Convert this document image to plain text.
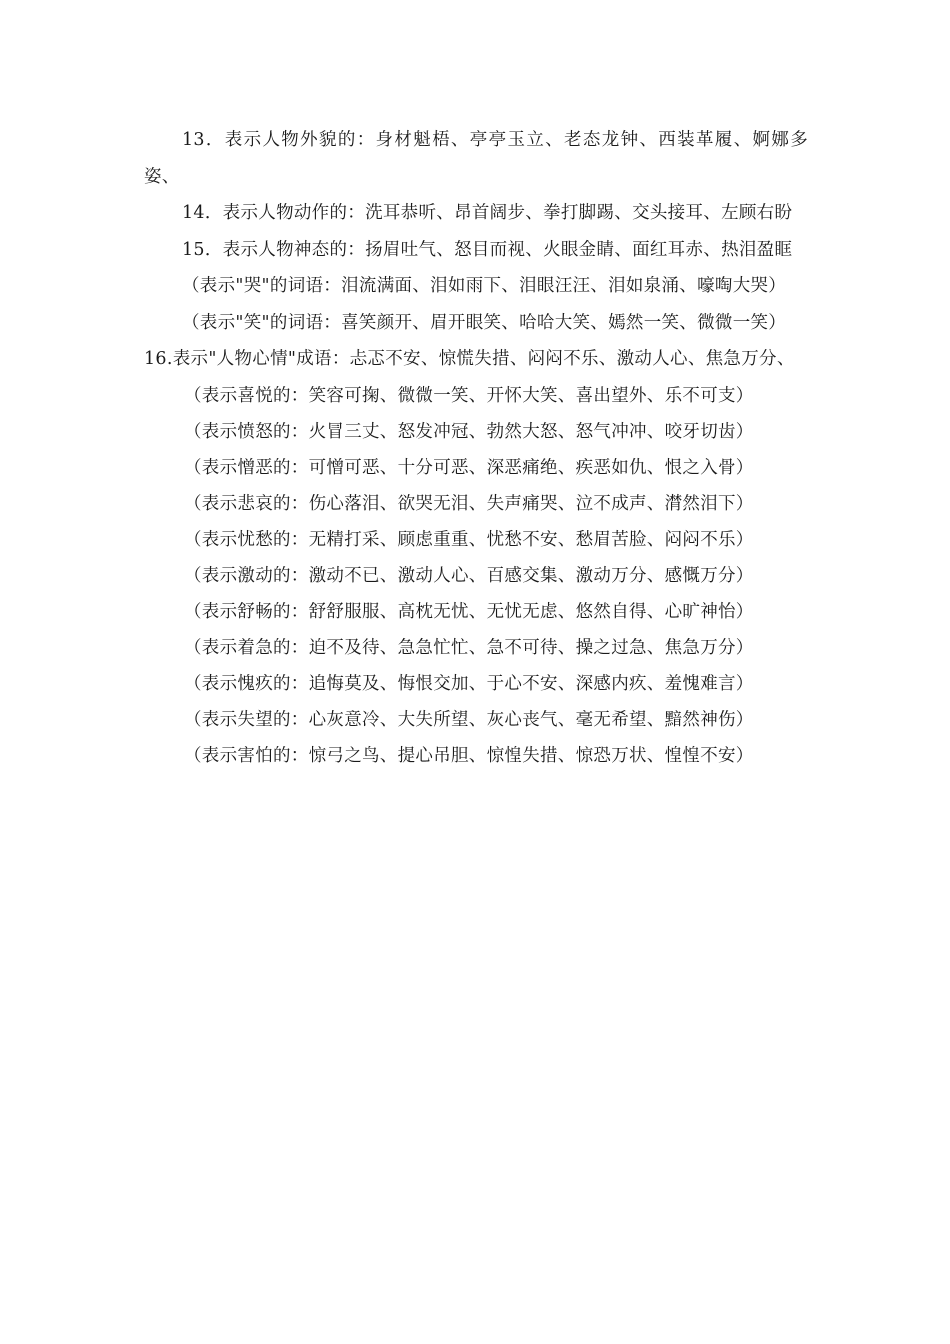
13．表示人物外貌的：身材魁梧、亭亭玉立、老态龙钟、西装革履、婀娜多姿、

14．表示人物动作的：洗耳恭听、昂首阔步、拳打脚踢、交头接耳、左顾右盼

15．表示人物神态的：扬眉吐气、怒目而视、火眼金睛、面红耳赤、热泪盈眶

（表示"哭"的词语：泪流满面、泪如雨下、泪眼汪汪、泪如泉涌、嚎啕大哭）

（表示"笑"的词语：喜笑颜开、眉开眼笑、哈哈大笑、嫣然一笑、微微一笑）

16.表示"人物心情"成语：忐忑不安、惊慌失措、闷闷不乐、激动人心、焦急万分、

（表示喜悦的：笑容可掬、微微一笑、开怀大笑、喜出望外、乐不可支）
（表示愤怒的：火冒三丈、怒发冲冠、勃然大怒、怒气冲冲、咬牙切齿）
（表示憎恶的：可憎可恶、十分可恶、深恶痛绝、疾恶如仇、恨之入骨）
（表示悲哀的：伤心落泪、欲哭无泪、失声痛哭、泣不成声、潸然泪下）
（表示忧愁的：无精打采、顾虑重重、忧愁不安、愁眉苦脸、闷闷不乐）
（表示激动的：激动不已、激动人心、百感交集、激动万分、感慨万分）
（表示舒畅的：舒舒服服、高枕无忧、无忧无虑、悠然自得、心旷神怡）
（表示着急的：迫不及待、急急忙忙、急不可待、操之过急、焦急万分）
（表示愧疚的：追悔莫及、悔恨交加、于心不安、深感内疚、羞愧难言）
（表示失望的：心灰意冷、大失所望、灰心丧气、毫无希望、黯然神伤）
（表示害怕的：惊弓之鸟、提心吊胆、惊惶失措、惊恐万状、惶惶不安）
